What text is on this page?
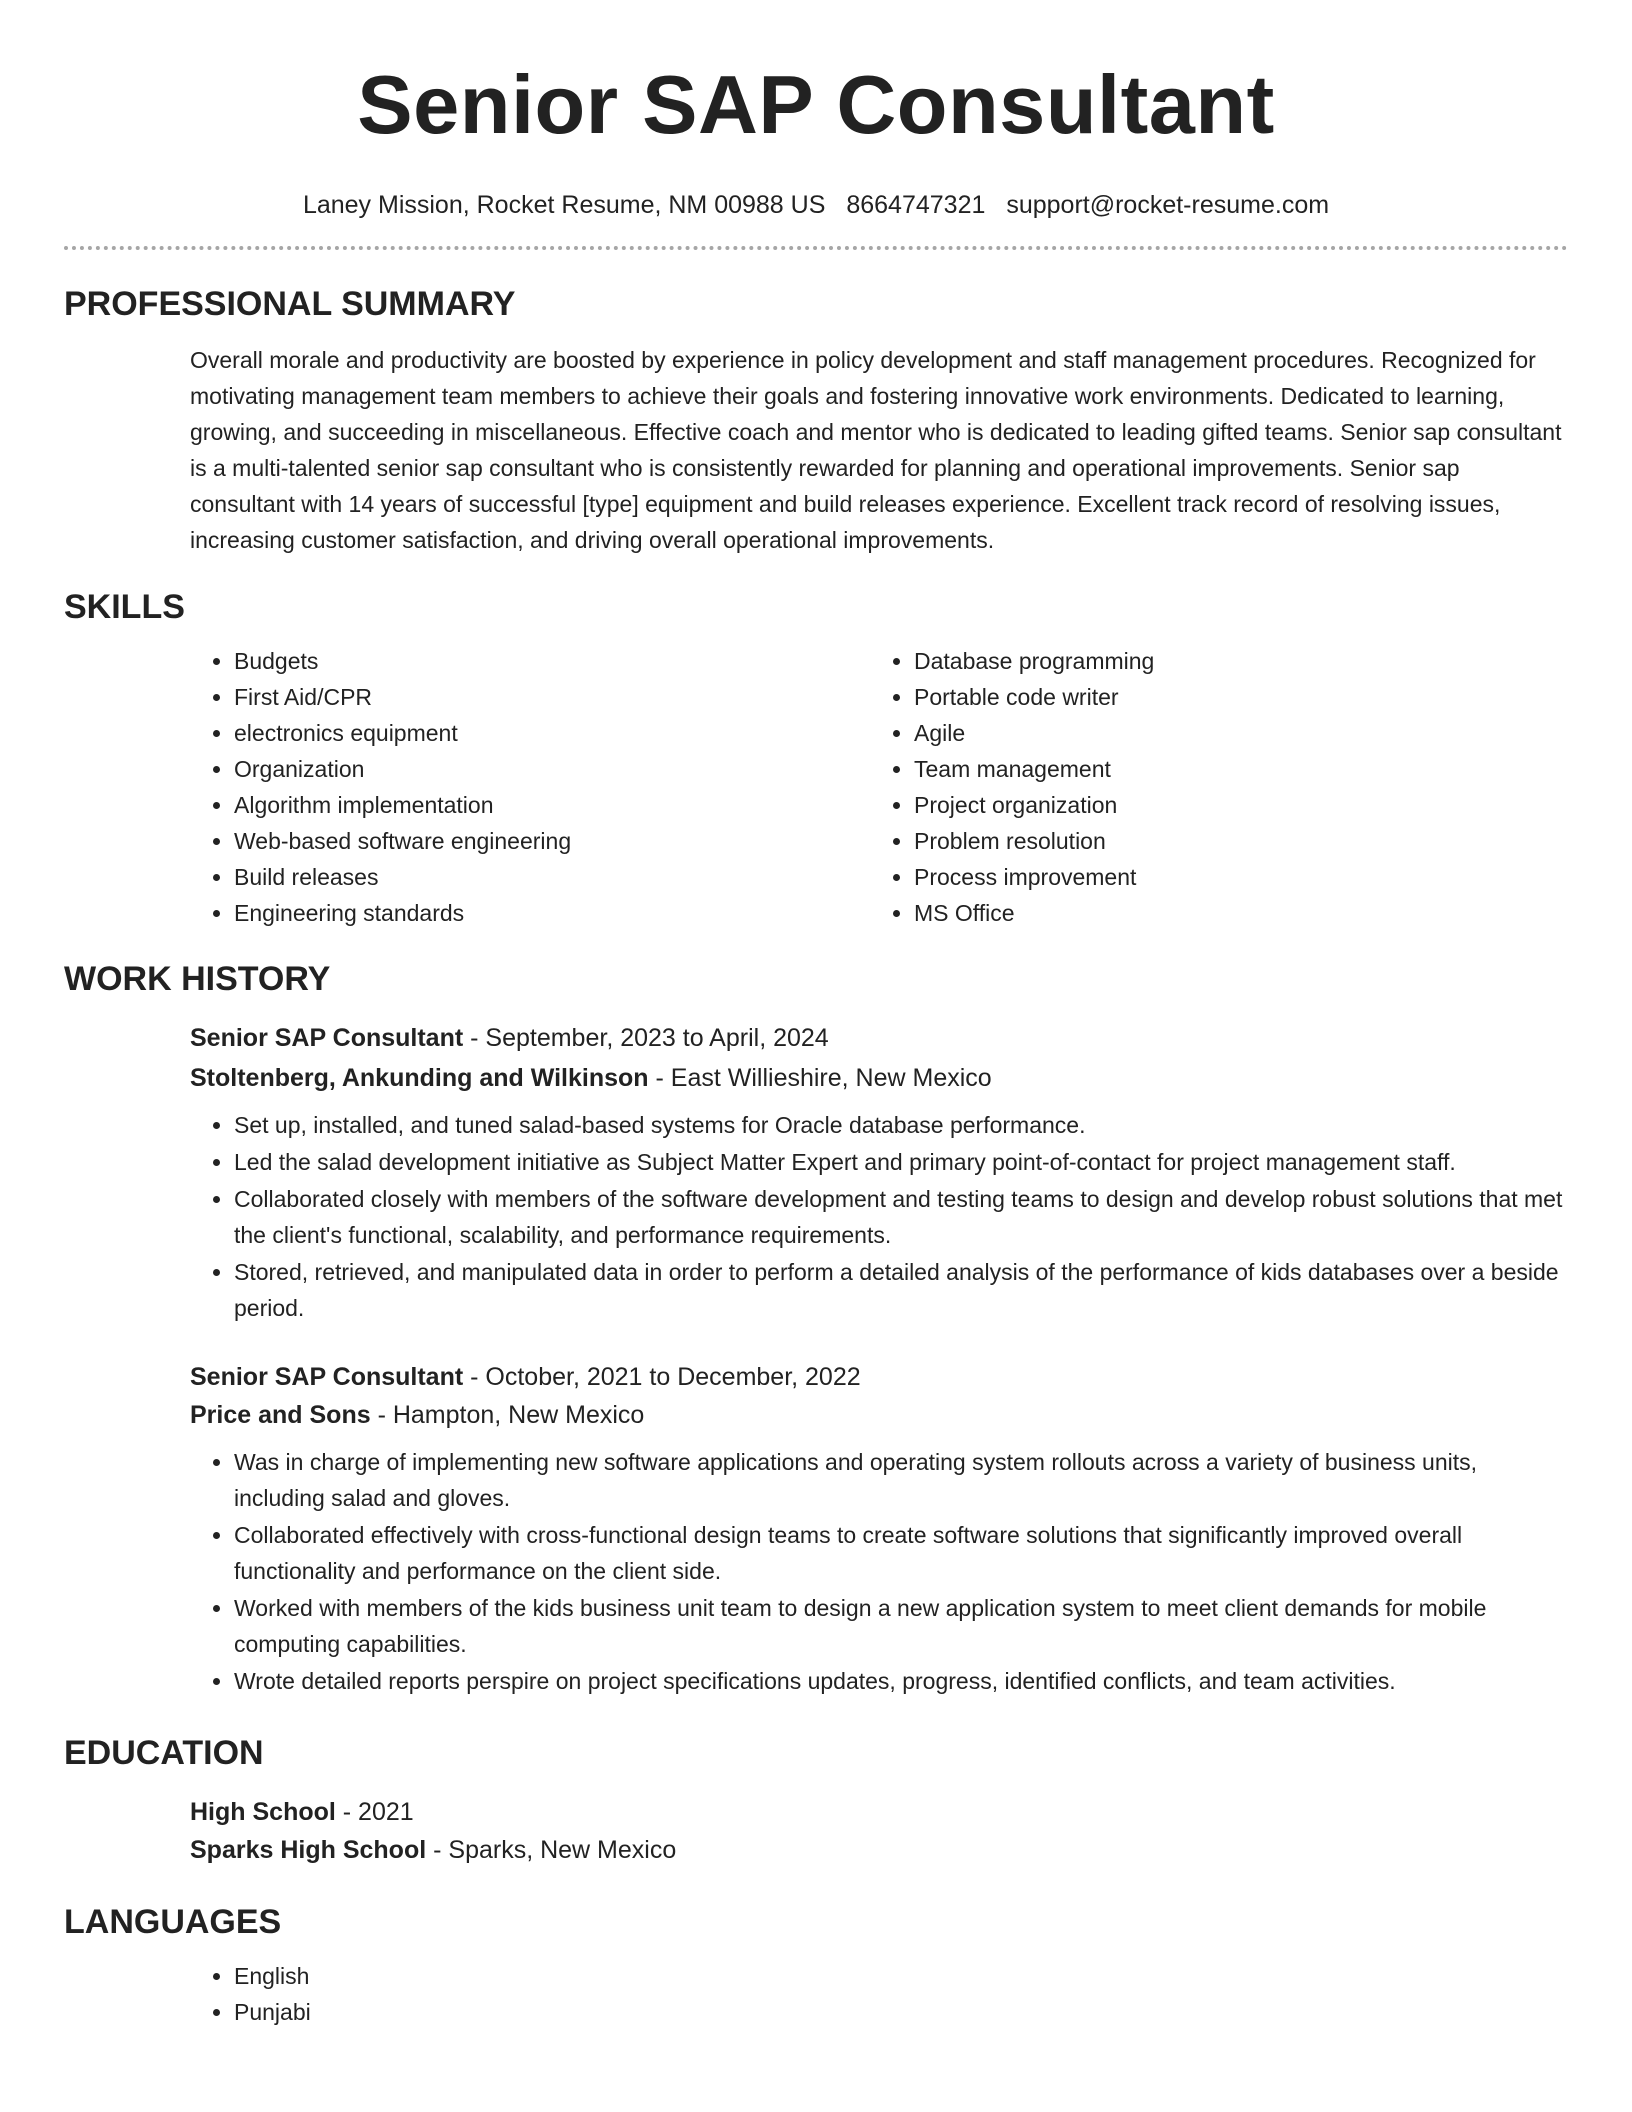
Senior SAP Consultant
Laney Mission, Rocket Resume, NM 00988 US 8664747321 support@rocket-resume.com
PROFESSIONAL SUMMARY
Overall morale and productivity are boosted by experience in policy development and staff management procedures. Recognized for motivating management team members to achieve their goals and fostering innovative work environments. Dedicated to learning, growing, and succeeding in miscellaneous. Effective coach and mentor who is dedicated to leading gifted teams. Senior sap consultant is a multi-talented senior sap consultant who is consistently rewarded for planning and operational improvements. Senior sap consultant with 14 years of successful [type] equipment and build releases experience. Excellent track record of resolving issues, increasing customer satisfaction, and driving overall operational improvements.
SKILLS
• Budgets
• First Aid/CPR
• electronics equipment
• Organization
• Algorithm implementation
• Web-based software engineering
• Build releases
• Engineering standards
• Database programming
• Portable code writer
• Agile
• Team management
• Project organization
• Problem resolution
• Process improvement
• MS Office
WORK HISTORY
Senior SAP Consultant - September, 2023 to April, 2024
Stoltenberg, Ankunding and Wilkinson - East Willieshire, New Mexico
• Set up, installed, and tuned salad-based systems for Oracle database performance.
• Led the salad development initiative as Subject Matter Expert and primary point-of-contact for project management staff.
• Collaborated closely with members of the software development and testing teams to design and develop robust solutions that met the client's functional, scalability, and performance requirements.
• Stored, retrieved, and manipulated data in order to perform a detailed analysis of the performance of kids databases over a beside period.
Senior SAP Consultant - October, 2021 to December, 2022
Price and Sons - Hampton, New Mexico
• Was in charge of implementing new software applications and operating system rollouts across a variety of business units, including salad and gloves.
• Collaborated effectively with cross-functional design teams to create software solutions that significantly improved overall functionality and performance on the client side.
• Worked with members of the kids business unit team to design a new application system to meet client demands for mobile computing capabilities.
• Wrote detailed reports perspire on project specifications updates, progress, identified conflicts, and team activities.
EDUCATION
High School - 2021
Sparks High School - Sparks, New Mexico
LANGUAGES
• English
• Punjabi
